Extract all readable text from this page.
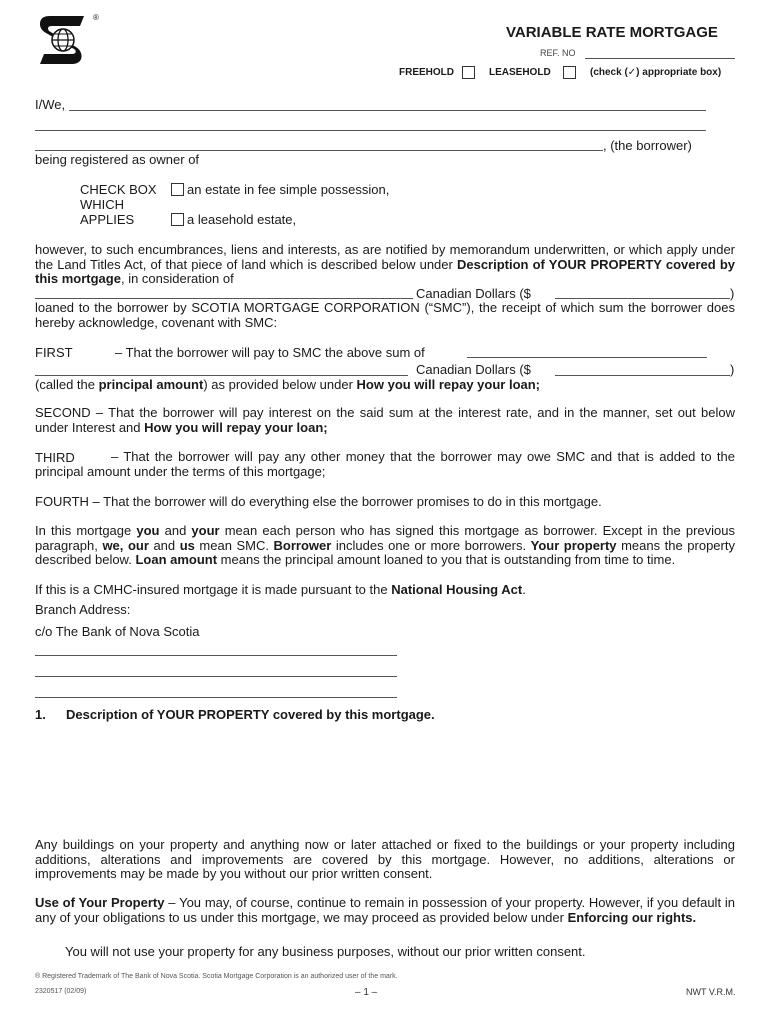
®
VARIABLE RATE MORTGAGE
REF. NO
FREEHOLD	LEASEHOLD	(check (✓) appropriate box)
I/We,
, (the borrower)
being registered as owner of
CHECK BOX
WHICH
APPLIES
an estate in fee simple possession,
a leasehold estate,
however, to such encumbrances, liens and interests, as are notified by memorandum underwritten, or which apply under the Land Titles Act, of that piece of land which is described below under Description of YOUR PROPERTY covered by this mortgage, in consideration of
Canadian Dollars ($	)
loaned to the borrower by SCOTIA MORTGAGE CORPORATION (“SMC”), the receipt of which sum the borrower does hereby acknowledge, covenant with SMC:
FIRST	– That the borrower will pay to SMC the above sum of
Canadian Dollars ($	)
(called the principal amount) as provided below under How you will repay your loan;
SECOND – That the borrower will pay interest on the said sum at the interest rate, and in the manner, set out below under Interest and How you will repay your loan;
THIRD	– That the borrower will pay any other money that the borrower may owe SMC and that is added to the principal amount under the terms of this mortgage;
FOURTH – That the borrower will do everything else the borrower promises to do in this mortgage.
In this mortgage you and your mean each person who has signed this mortgage as borrower. Except in the previous paragraph, we, our and us mean SMC. Borrower includes one or more borrowers. Your property means the property described below. Loan amount means the principal amount loaned to you that is outstanding from time to time.
If this is a CMHC-insured mortgage it is made pursuant to the National Housing Act.
Branch Address:
c/o The Bank of Nova Scotia
1. Description of YOUR PROPERTY covered by this mortgage.
Any buildings on your property and anything now or later attached or fixed to the buildings or your property including additions, alterations and improvements are covered by this mortgage. However, no additions, alterations or improvements may be made by you without our prior written consent.
Use of Your Property – You may, of course, continue to remain in possession of your property. However, if you default in any of your obligations to us under this mortgage, we may proceed as provided below under Enforcing our rights.
You will not use your property for any business purposes, without our prior written consent.
® Registered Trademark of The Bank of Nova Scotia. Scotia Mortgage Corporation is an authorized user of the mark.
2320517 (02/09)	– 1 –	NWT V.R.M.
